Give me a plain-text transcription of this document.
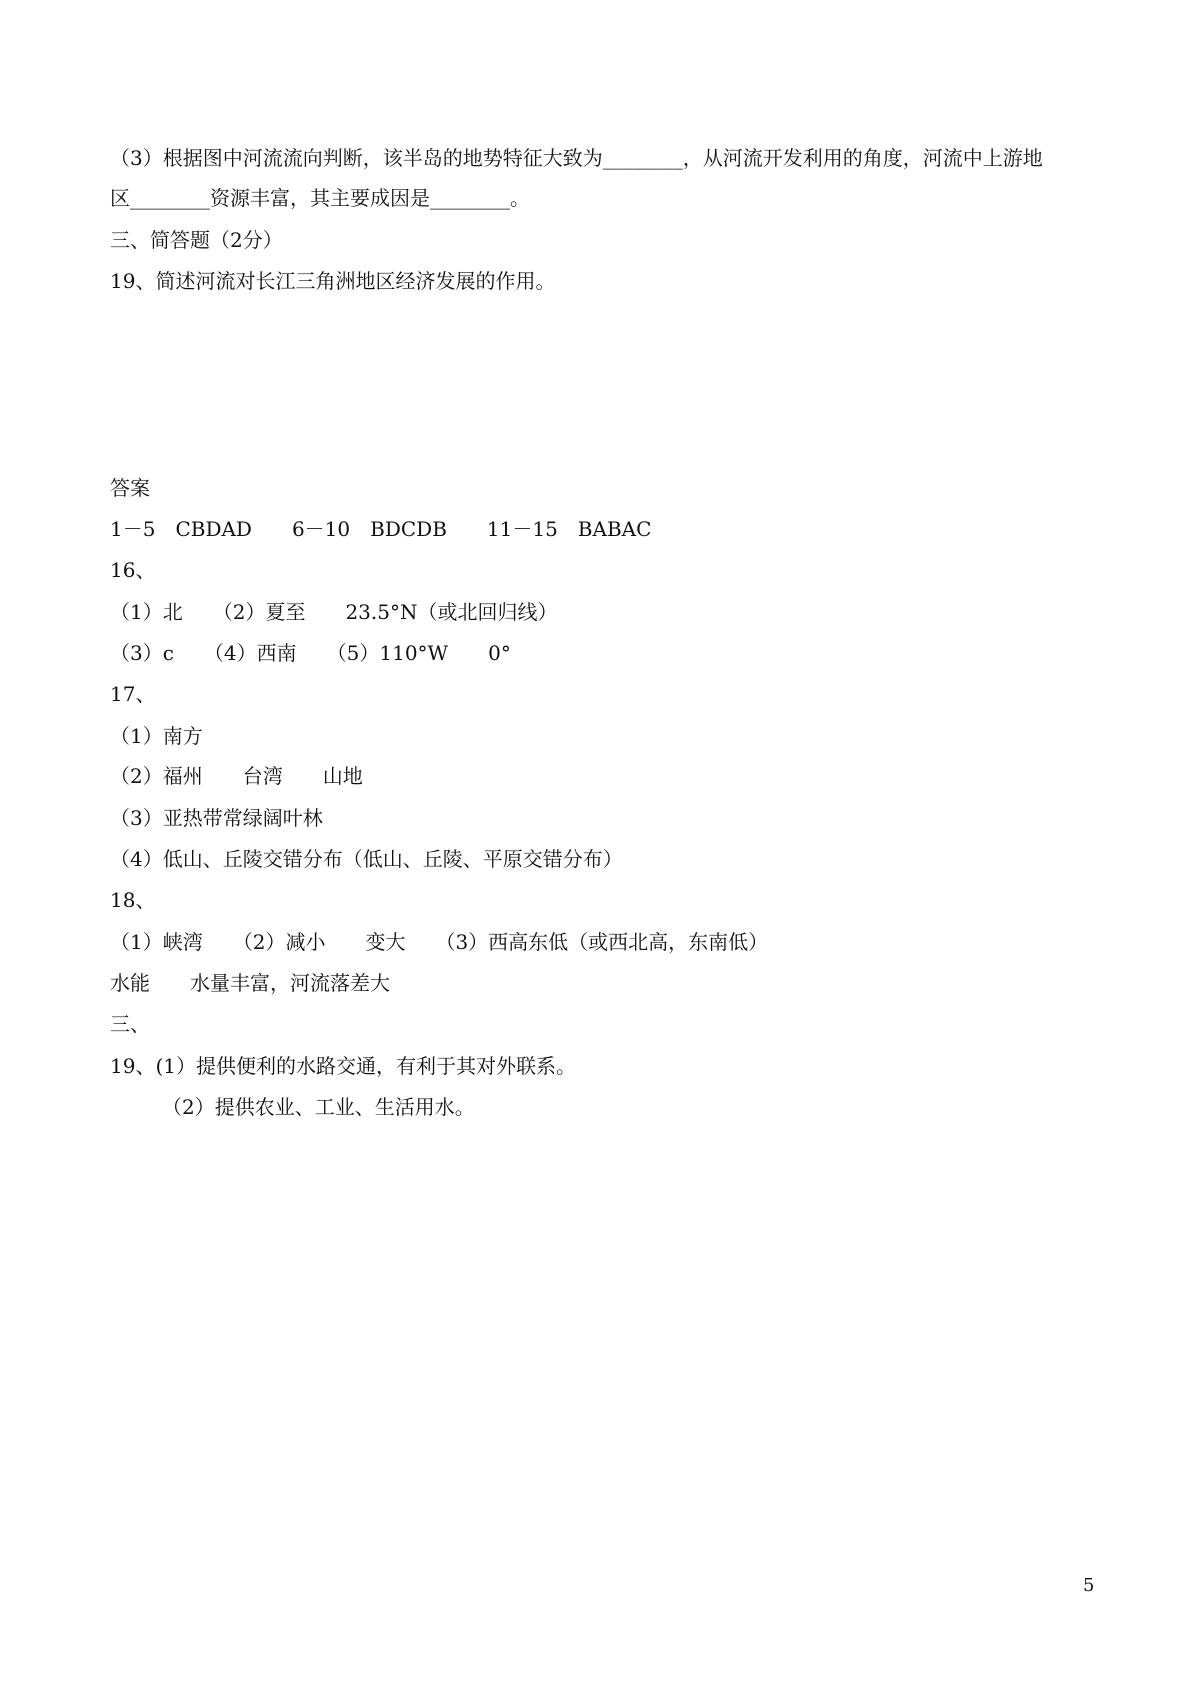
（3）根据图中河流流向判断，该半岛的地势特征大致为________，从河流开发利用的角度，河流中上游地
区________资源丰富，其主要成因是________。
三、简答题（2分）
19、简述河流对长江三角洲地区经济发展的作用。
答案
1－5　CBDAD　　6－10　BDCDB　　11－15　BABAC
16、
（1）北　　（2）夏至　　23.5°N（或北回归线）
（3）c　　（4）西南　　（5）110°W　　0°
17、
（1）南方
（2）福州　　台湾　　山地
（3）亚热带常绿阔叶林
（4）低山、丘陵交错分布（低山、丘陵、平原交错分布）
18、
（1）峡湾　　（2）减小　　变大　　（3）西高东低（或西北高，东南低）
水能　　水量丰富，河流落差大
三、
19、(1）提供便利的水路交通，有利于其对外联系。
（2）提供农业、工业、生活用水。
5
